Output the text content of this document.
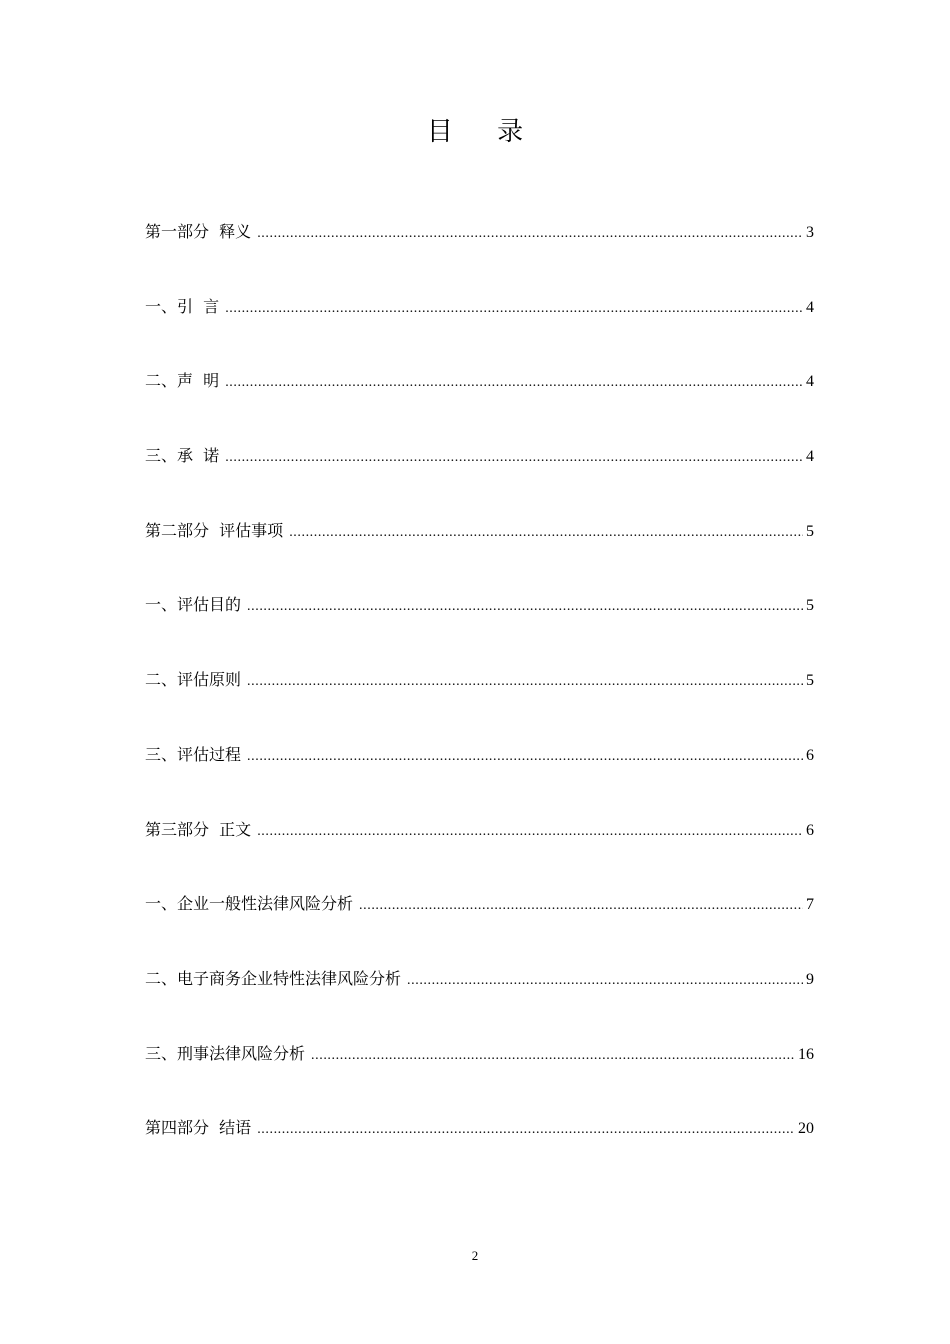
目 录
第一部分  释义 .....	3
一、引  言 .....	4
二、声  明 .....	4
三、承  诺 .....	4
第二部分  评估事项 .....	5
一、评估目的 .....	5
二、评估原则 .....	5
三、评估过程 .....	6
第三部分  正文 .....	6
一、企业一般性法律风险分析 .....	7
二、电子商务企业特性法律风险分析 .....	9
三、刑事法律风险分析 .....	16
第四部分  结语 .....	20
2
